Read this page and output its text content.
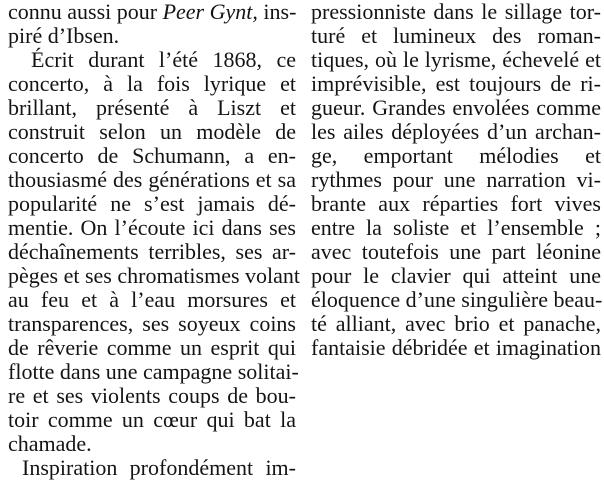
connu aussi pour Peer Gynt, ins-
piré d’Ibsen.
Écrit durant l’été 1868, ce
concerto, à la fois lyrique et
brillant, présenté à Liszt et
construit selon un modèle de
concerto de Schumann, a en-
thousiasmé des générations et sa
popularité ne s’est jamais dé-
mentie. On l’écoute ici dans ses
déchaînements terribles, ses ar-
pèges et ses chromatismes volant
au feu et à l’eau morsures et
transparences, ses soyeux coins
de rêverie comme un esprit qui
flotte dans une campagne solitai-
re et ses violents coups de bou-
toir comme un cœur qui bat la
chamade.
Inspiration profondément im-
pressionniste dans le sillage tor-
turé et lumineux des roman-
tiques, où le lyrisme, échevelé et
imprévisible, est toujours de ri-
gueur. Grandes envolées comme
les ailes déployées d’un archan-
ge, emportant mélodies et
rythmes pour une narration vi-
brante aux réparties fort vives
entre la soliste et l’ensemble ;
avec toutefois une part léonine
pour le clavier qui atteint une
éloquence d’une singulière beau-
té alliant, avec brio et panache,
fantaisie débridée et imagination
